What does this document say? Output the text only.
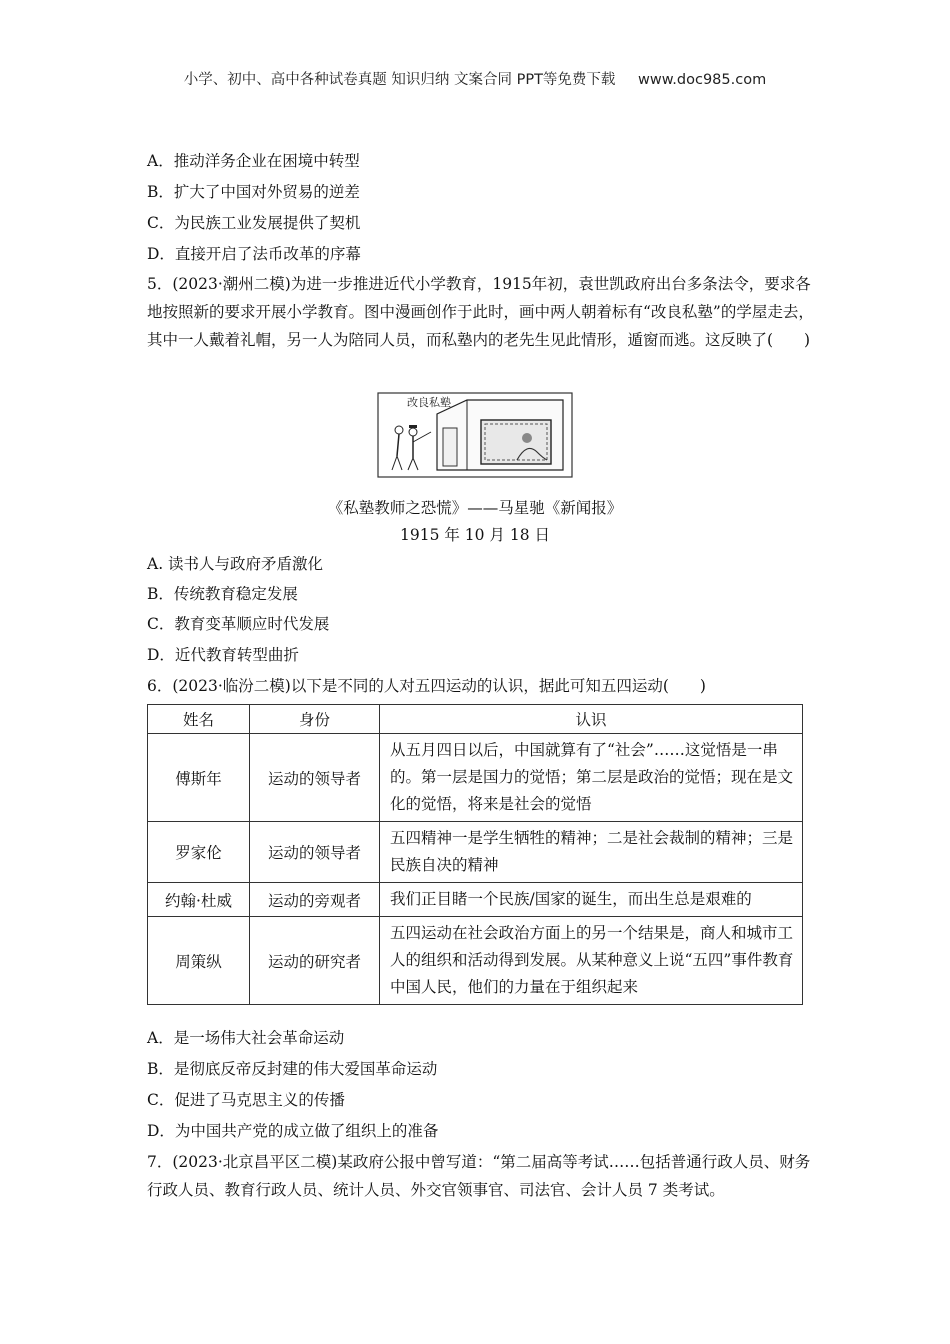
小学、初中、高中各种试卷真题 知识归纳 文案合同 PPT等免费下载 www.doc985.com
A．推动洋务企业在困境中转型
B．扩大了中国对外贸易的逆差
C．为民族工业发展提供了契机
D．直接开启了法币改革的序幕
5．(2023·潮州二模)为进一步推进近代小学教育，1915年初，袁世凯政府出台多条法令，要求各地按照新的要求开展小学教育。图中漫画创作于此时，画中两人朝着标有“改良私塾”的学屋走去，其中一人戴着礼帽，另一人为陪同人员，而私塾内的老先生见此情形，遁窗而逃。这反映了(　　)
改良私塾
《私塾教师之恐慌》——马星驰《新闻报》
1915 年 10 月 18 日
A. 读书人与政府矛盾激化
B．传统教育稳定发展
C．教育变革顺应时代发展
D．近代教育转型曲折
6．(2023·临汾二模)以下是不同的人对五四运动的认识，据此可知五四运动(　　)
姓名	身份	认识
傅斯年	运动的领导者	从五月四日以后，中国就算有了“社会”……这觉悟是一串的。第一层是国力的觉悟；第二层是政治的觉悟；现在是文化的觉悟，将来是社会的觉悟
罗家伦	运动的领导者	五四精神一是学生牺牲的精神；二是社会裁制的精神；三是民族自决的精神
约翰·杜威	运动的旁观者	我们正目睹一个民族/国家的诞生，而出生总是艰难的
周策纵	运动的研究者	五四运动在社会政治方面上的另一个结果是，商人和城市工人的组织和活动得到发展。从某种意义上说“五四”事件教育中国人民，他们的力量在于组织起来
A．是一场伟大社会革命运动
B．是彻底反帝反封建的伟大爱国革命运动
C．促进了马克思主义的传播
D．为中国共产党的成立做了组织上的准备
7．(2023·北京昌平区二模)某政府公报中曾写道：“第二届高等考试……包括普通行政人员、财务行政人员、教育行政人员、统计人员、外交官领事官、司法官、会计人员 7 类考试。
